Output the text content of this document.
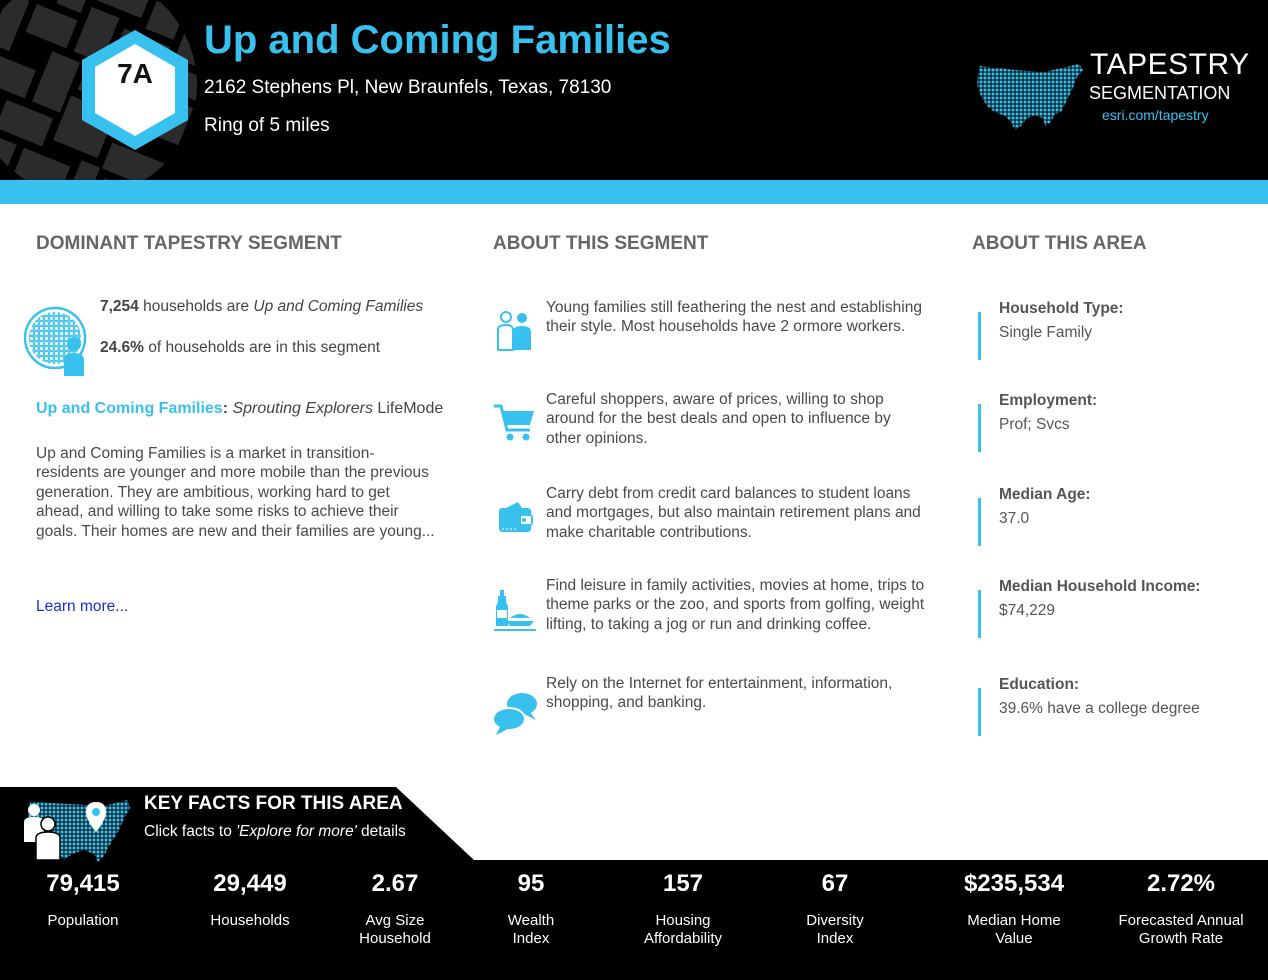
7A
Up and Coming Families
2162 Stephens Pl, New Braunfels, Texas, 78130
Ring of 5 miles
TAPESTRY
SEGMENTATION
esri.com/tapestry
DOMINANT TAPESTRY SEGMENT
7,254 households are Up and Coming Families
24.6% of households are in this segment
Up and Coming Families: Sprouting Explorers LifeMode
Up and Coming Families is a market in transition-residents are younger and more mobile than the previous generation. They are ambitious, working hard to get ahead, and willing to take some risks to achieve their goals. Their homes are new and their families are young...
Learn more...
ABOUT THIS SEGMENT
Young families still feathering the nest and establishing their style. Most households have 2 ormore workers.
Careful shoppers, aware of prices, willing to shop around for the best deals and open to influence by other opinions.
Carry debt from credit card balances to student loans and mortgages, but also maintain retirement plans and make charitable contributions.
Find leisure in family activities, movies at home, trips to theme parks or the zoo, and sports from golfing, weight lifting, to taking a jog or run and drinking coffee.
Rely on the Internet for entertainment, information, shopping, and banking.
ABOUT THIS AREA
Household Type:
Single Family
Employment:
Prof; Svcs
Median Age:
37.0
Median Household Income:
$74,229
Education:
39.6% have a college degree
KEY FACTS FOR THIS AREA
Click facts to 'Explore for more' details
79,415
Population
29,449
Households
2.67
Avg Size
Household
95
Wealth
Index
157
Housing
Affordability
67
Diversity
Index
$235,534
Median Home
Value
2.72%
Forecasted Annual
Growth Rate
